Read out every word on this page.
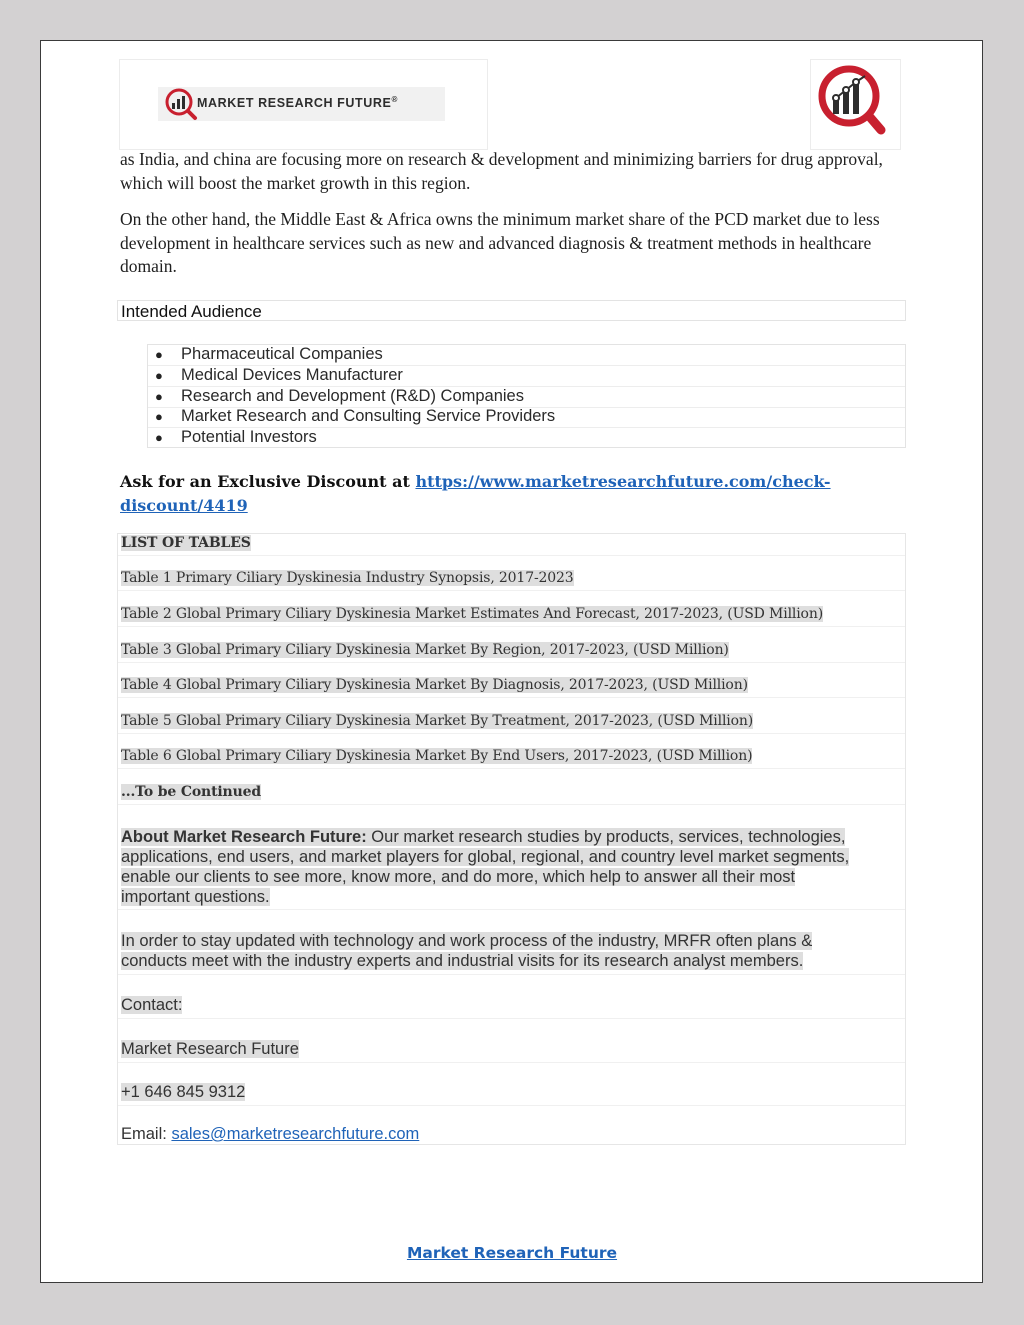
MARKET RESEARCH FUTURE®

as India, and china are focusing more on research & development and minimizing barriers for drug approval, which will boost the market growth in this region.

On the other hand, the Middle East & Africa owns the minimum market share of the PCD market due to less development in healthcare services such as new and advanced diagnosis & treatment methods in healthcare domain.

Intended Audience
● Pharmaceutical Companies
● Medical Devices Manufacturer
● Research and Development (R&D) Companies
● Market Research and Consulting Service Providers
● Potential Investors
Ask for an Exclusive Discount at https://www.marketresearchfuture.com/check-
discount/4419
LIST OF TABLES
Table 1 Primary Ciliary Dyskinesia Industry Synopsis, 2017-2023
Table 2 Global Primary Ciliary Dyskinesia Market Estimates And Forecast, 2017-2023, (USD Million)
Table 3 Global Primary Ciliary Dyskinesia Market By Region, 2017-2023, (USD Million)
Table 4 Global Primary Ciliary Dyskinesia Market By Diagnosis, 2017-2023, (USD Million)
Table 5 Global Primary Ciliary Dyskinesia Market By Treatment, 2017-2023, (USD Million)
Table 6 Global Primary Ciliary Dyskinesia Market By End Users, 2017-2023, (USD Million)
...To be Continued
About Market Research Future: Our market research studies by products, services, technologies,
applications, end users, and market players for global, regional, and country level market segments,
enable our clients to see more, know more, and do more, which help to answer all their most
important questions.
In order to stay updated with technology and work process of the industry, MRFR often plans &
conducts meet with the industry experts and industrial visits for its research analyst members.
Contact:
Market Research Future
+1 646 845 9312
Email: sales@marketresearchfuture.com
Market Research Future
